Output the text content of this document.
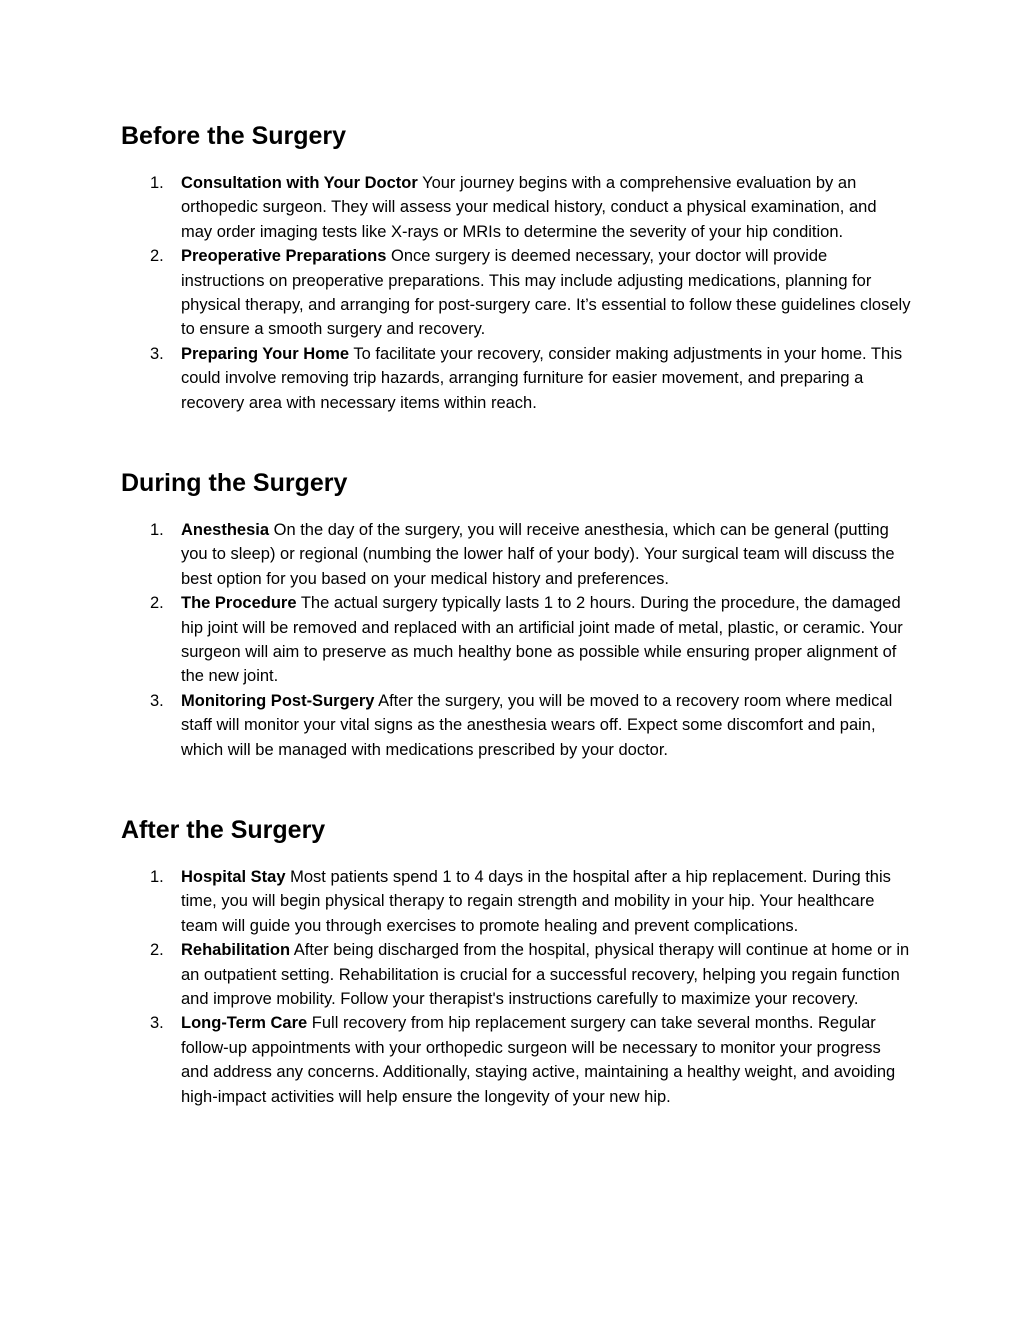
Before the Surgery
1. Consultation with Your Doctor Your journey begins with a comprehensive evaluation by an orthopedic surgeon. They will assess your medical history, conduct a physical examination, and may order imaging tests like X-rays or MRIs to determine the severity of your hip condition.
2. Preoperative Preparations Once surgery is deemed necessary, your doctor will provide instructions on preoperative preparations. This may include adjusting medications, planning for physical therapy, and arranging for post-surgery care. It’s essential to follow these guidelines closely to ensure a smooth surgery and recovery.
3. Preparing Your Home To facilitate your recovery, consider making adjustments in your home. This could involve removing trip hazards, arranging furniture for easier movement, and preparing a recovery area with necessary items within reach.
During the Surgery
1. Anesthesia On the day of the surgery, you will receive anesthesia, which can be general (putting you to sleep) or regional (numbing the lower half of your body). Your surgical team will discuss the best option for you based on your medical history and preferences.
2. The Procedure The actual surgery typically lasts 1 to 2 hours. During the procedure, the damaged hip joint will be removed and replaced with an artificial joint made of metal, plastic, or ceramic. Your surgeon will aim to preserve as much healthy bone as possible while ensuring proper alignment of the new joint.
3. Monitoring Post-Surgery After the surgery, you will be moved to a recovery room where medical staff will monitor your vital signs as the anesthesia wears off. Expect some discomfort and pain, which will be managed with medications prescribed by your doctor.
After the Surgery
1. Hospital Stay Most patients spend 1 to 4 days in the hospital after a hip replacement. During this time, you will begin physical therapy to regain strength and mobility in your hip. Your healthcare team will guide you through exercises to promote healing and prevent complications.
2. Rehabilitation After being discharged from the hospital, physical therapy will continue at home or in an outpatient setting. Rehabilitation is crucial for a successful recovery, helping you regain function and improve mobility. Follow your therapist's instructions carefully to maximize your recovery.
3. Long-Term Care Full recovery from hip replacement surgery can take several months. Regular follow-up appointments with your orthopedic surgeon will be necessary to monitor your progress and address any concerns. Additionally, staying active, maintaining a healthy weight, and avoiding high-impact activities will help ensure the longevity of your new hip.
